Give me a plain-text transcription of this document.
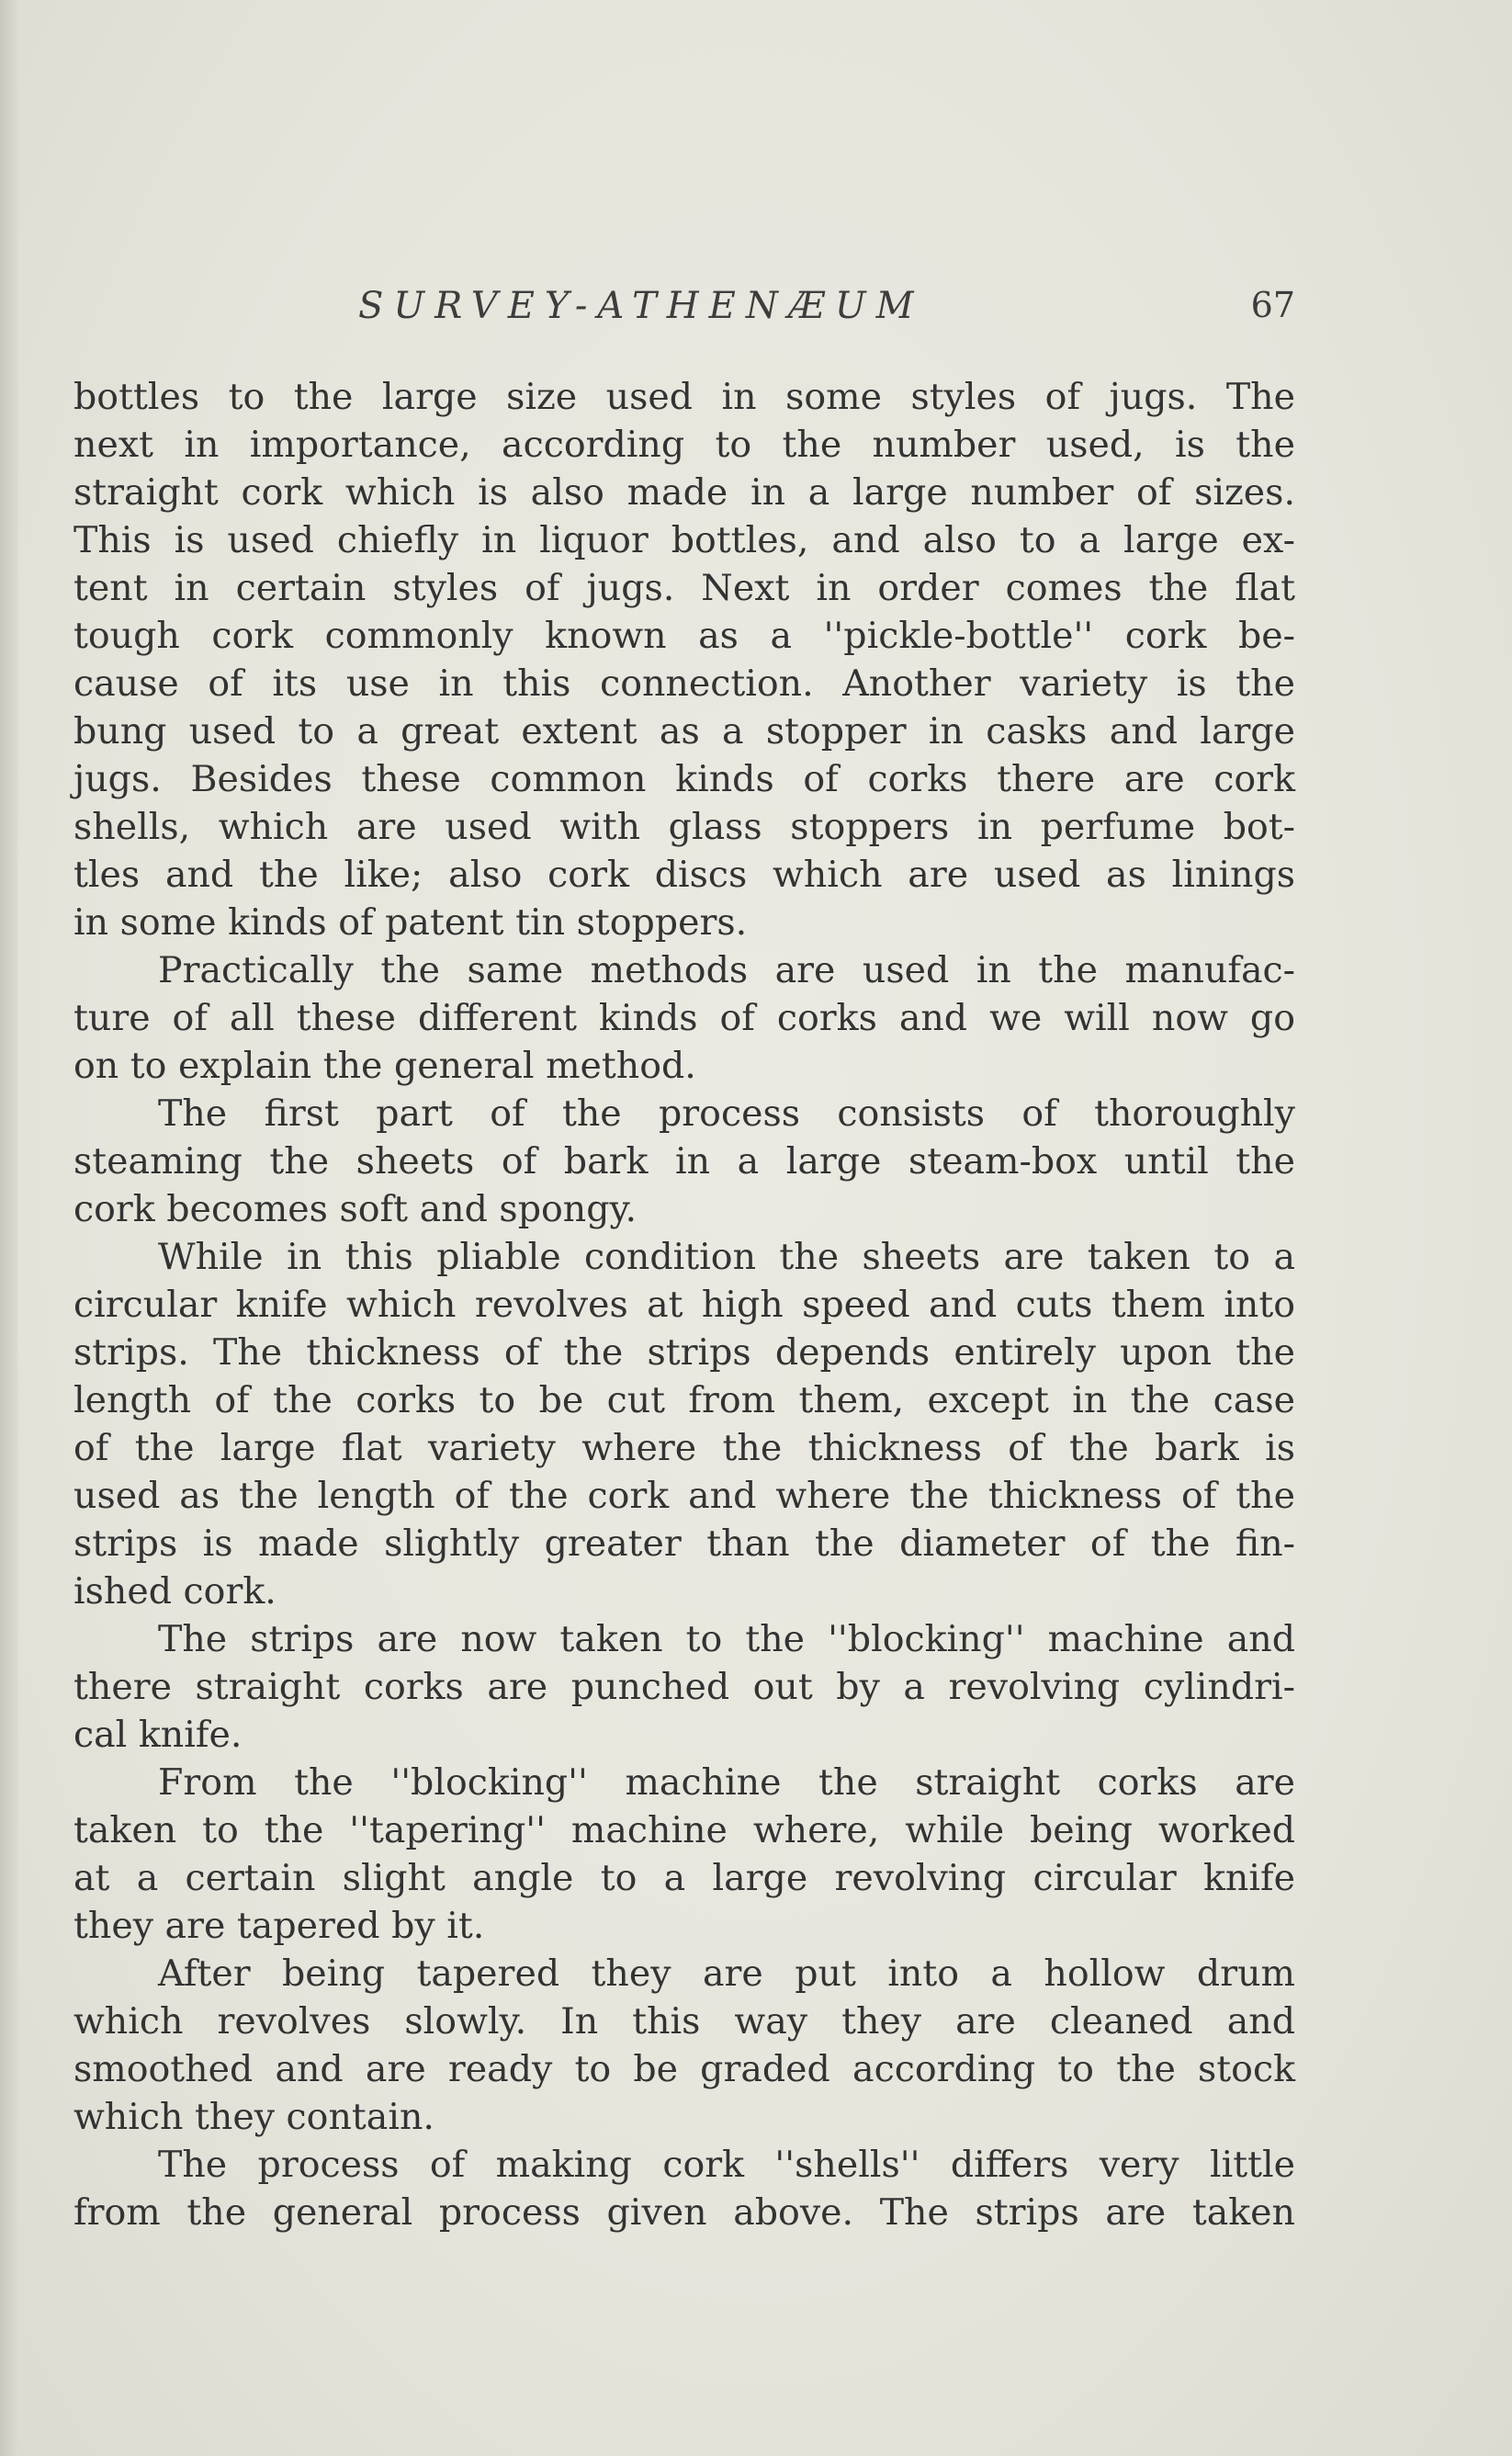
SURVEY-ATHENÆUM	67
bottles to the large size used in some styles of jugs. The
next in importance, according to the number used, is the
straight cork which is also made in a large number of sizes.
This is used chiefly in liquor bottles, and also to a large ex-
tent in certain styles of jugs. Next in order comes the flat
tough cork commonly known as a ''pickle-bottle'' cork be-
cause of its use in this connection. Another variety is the
bung used to a great extent as a stopper in casks and large
jugs. Besides these common kinds of corks there are cork
shells, which are used with glass stoppers in perfume bot-
tles and the like; also cork discs which are used as linings
in some kinds of patent tin stoppers.
Practically the same methods are used in the manufac-
ture of all these different kinds of corks and we will now go
on to explain the general method.
The first part of the process consists of thoroughly
steaming the sheets of bark in a large steam-box until the
cork becomes soft and spongy.
While in this pliable condition the sheets are taken to a
circular knife which revolves at high speed and cuts them into
strips. The thickness of the strips depends entirely upon the
length of the corks to be cut from them, except in the case
of the large flat variety where the thickness of the bark is
used as the length of the cork and where the thickness of the
strips is made slightly greater than the diameter of the fin-
ished cork.
The strips are now taken to the ''blocking'' machine and
there straight corks are punched out by a revolving cylindri-
cal knife.
From the ''blocking'' machine the straight corks are
taken to the ''tapering'' machine where, while being worked
at a certain slight angle to a large revolving circular knife
they are tapered by it.
After being tapered they are put into a hollow drum
which revolves slowly. In this way they are cleaned and
smoothed and are ready to be graded according to the stock
which they contain.
The process of making cork ''shells'' differs very little
from the general process given above. The strips are taken
